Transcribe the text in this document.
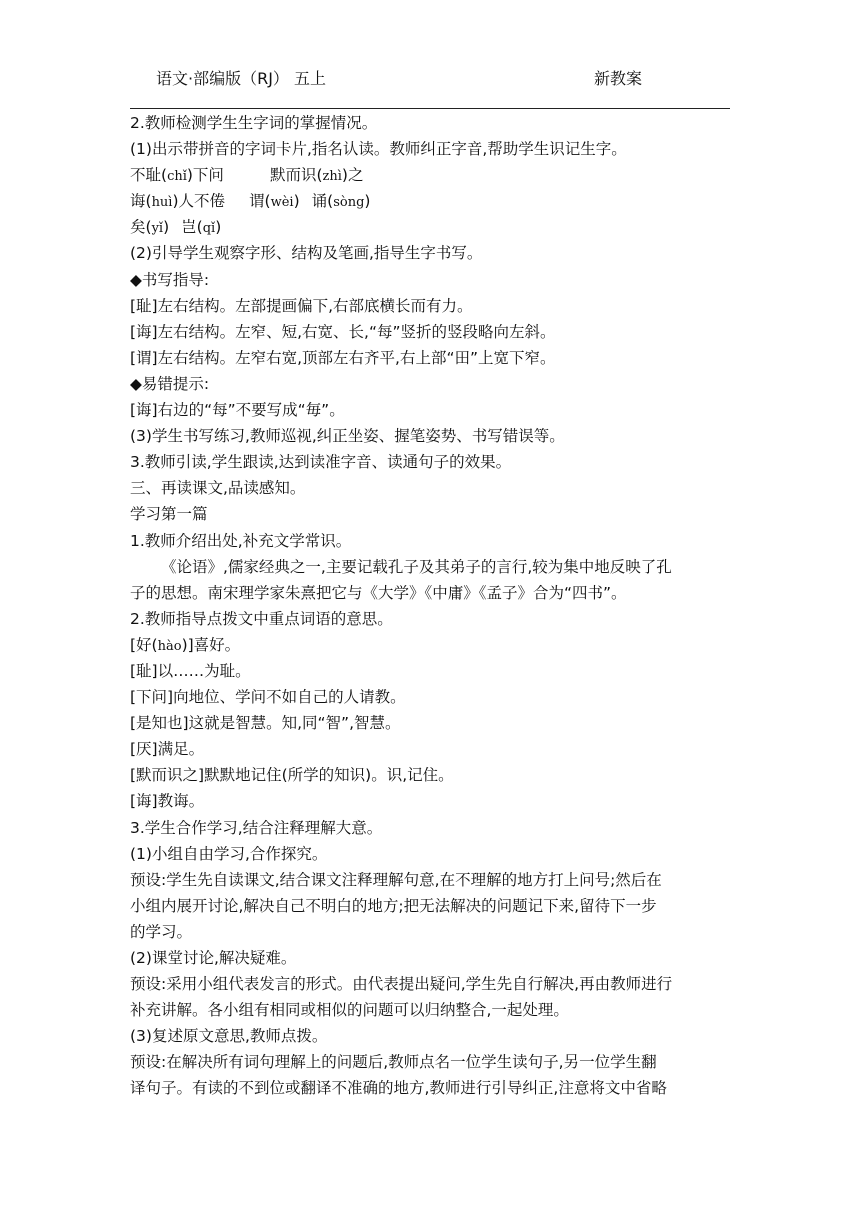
语文·部编版（RJ） 五上	新教案
2.教师检测学生生字词的掌握情况。
(1)出示带拼音的字词卡片,指名认读。教师纠正字音,帮助学生识记生字。
不耻(chǐ)下问	默而识(zhì)之
诲(huì)人不倦 谓(wèi) 诵(sòng)
矣(yǐ) 岂(qǐ)
(2)引导学生观察字形、结构及笔画,指导生字书写。
◆书写指导:
[耻]左右结构。左部提画偏下,右部底横长而有力。
[诲]左右结构。左窄、短,右宽、长,“每”竖折的竖段略向左斜。
[谓]左右结构。左窄右宽,顶部左右齐平,右上部“田”上宽下窄。
◆易错提示:
[诲]右边的“每”不要写成“毎”。
(3)学生书写练习,教师巡视,纠正坐姿、握笔姿势、书写错误等。
3.教师引读,学生跟读,达到读准字音、读通句子的效果。
三、再读课文,品读感知。
学习第一篇
1.教师介绍出处,补充文学常识。
《论语》,儒家经典之一,主要记载孔子及其弟子的言行,较为集中地反映了孔
子的思想。南宋理学家朱熹把它与《大学》《中庸》《孟子》合为“四书”。
2.教师指导点拨文中重点词语的意思。
[好(hào)]喜好。
[耻]以……为耻。
[下问]向地位、学问不如自己的人请教。
[是知也]这就是智慧。知,同“智”,智慧。
[厌]满足。
[默而识之]默默地记住(所学的知识)。识,记住。
[诲]教诲。
3.学生合作学习,结合注释理解大意。
(1)小组自由学习,合作探究。
预设:学生先自读课文,结合课文注释理解句意,在不理解的地方打上问号;然后在
小组内展开讨论,解决自己不明白的地方;把无法解决的问题记下来,留待下一步
的学习。
(2)课堂讨论,解决疑难。
预设:采用小组代表发言的形式。由代表提出疑问,学生先自行解决,再由教师进行
补充讲解。各小组有相同或相似的问题可以归纳整合,一起处理。
(3)复述原文意思,教师点拨。
预设:在解决所有词句理解上的问题后,教师点名一位学生读句子,另一位学生翻
译句子。有读的不到位或翻译不准确的地方,教师进行引导纠正,注意将文中省略
